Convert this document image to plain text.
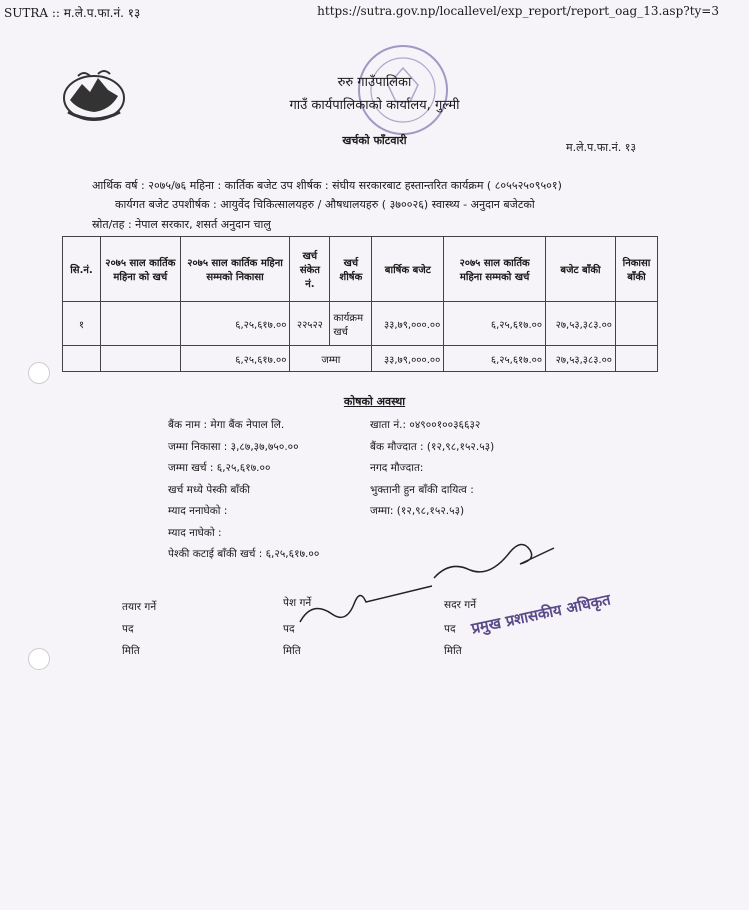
SUTRA :: म.ले.प.फा.नं. १३	https://sutra.gov.np/locallevel/exp_report/report_oag_13.asp?ty=3
रुरु गाउँपालिका
गाउँ कार्यपालिकाको कार्यालय, गुल्मी
खर्चको फाँटवारी
म.ले.प.फा.नं. १३
आर्थिक वर्ष : २०७५/७६ महिना : कार्तिक बजेट उप शीर्षक : संघीय सरकारबाट हस्तान्तरित कार्यक्रम ( ८०५५२५०९५०१)
कार्यगत बजेट उपशीर्षक : आयुर्वेद चिकित्सालयहरु / औषधालयहरु ( ३७००२६) स्वास्थ्य - अनुदान बजेटको
स्रोत/तह : नेपाल सरकार, शसर्त अनुदान चालु
सि.नं.	२०७५ साल कार्तिक महिना को खर्च	२०७५ साल कार्तिक महिना सम्मको निकासा	खर्च संकेत नं.	खर्च शीर्षक	बार्षिक बजेट	२०७५ साल कार्तिक महिना सम्मको खर्च	बजेट बाँकी	निकासा बाँकी
१		६,२५,६१७.००	२२५२२	कार्यक्रम खर्च	३३,७९,०००.००	६,२५,६१७.००	२७,५३,३८३.००	
		६,२५,६१७.००	जम्मा		३३,७९,०००.००	६,२५,६१७.००	२७,५३,३८३.००	
कोषको अवस्था
बैंक नाम : मेगा बैंक नेपाल लि.
जम्मा निकासा : ३,८७,३७,७५०.००
जम्मा खर्च : ६,२५,६१७.००
खर्च मध्ये पेस्की बाँकी
म्याद ननाघेको :
म्याद नाघेको :
पेश्की कटाई बाँकी खर्च : ६,२५,६१७.००
खाता नं.: ०४९००१००३६६३२
बैंक मौज्दात : (१२,९८,१५२.५३)
नगद मौज्दात:
भुक्तानी हुन बाँकी दायित्व :
जम्मा: (१२,९८,१५२.५३)
तयार गर्ने
पद
मिति
पेश गर्ने
पद
मिति
सदर गर्ने
पद
मिति
प्रमुख प्रशासकीय अधिकृत
